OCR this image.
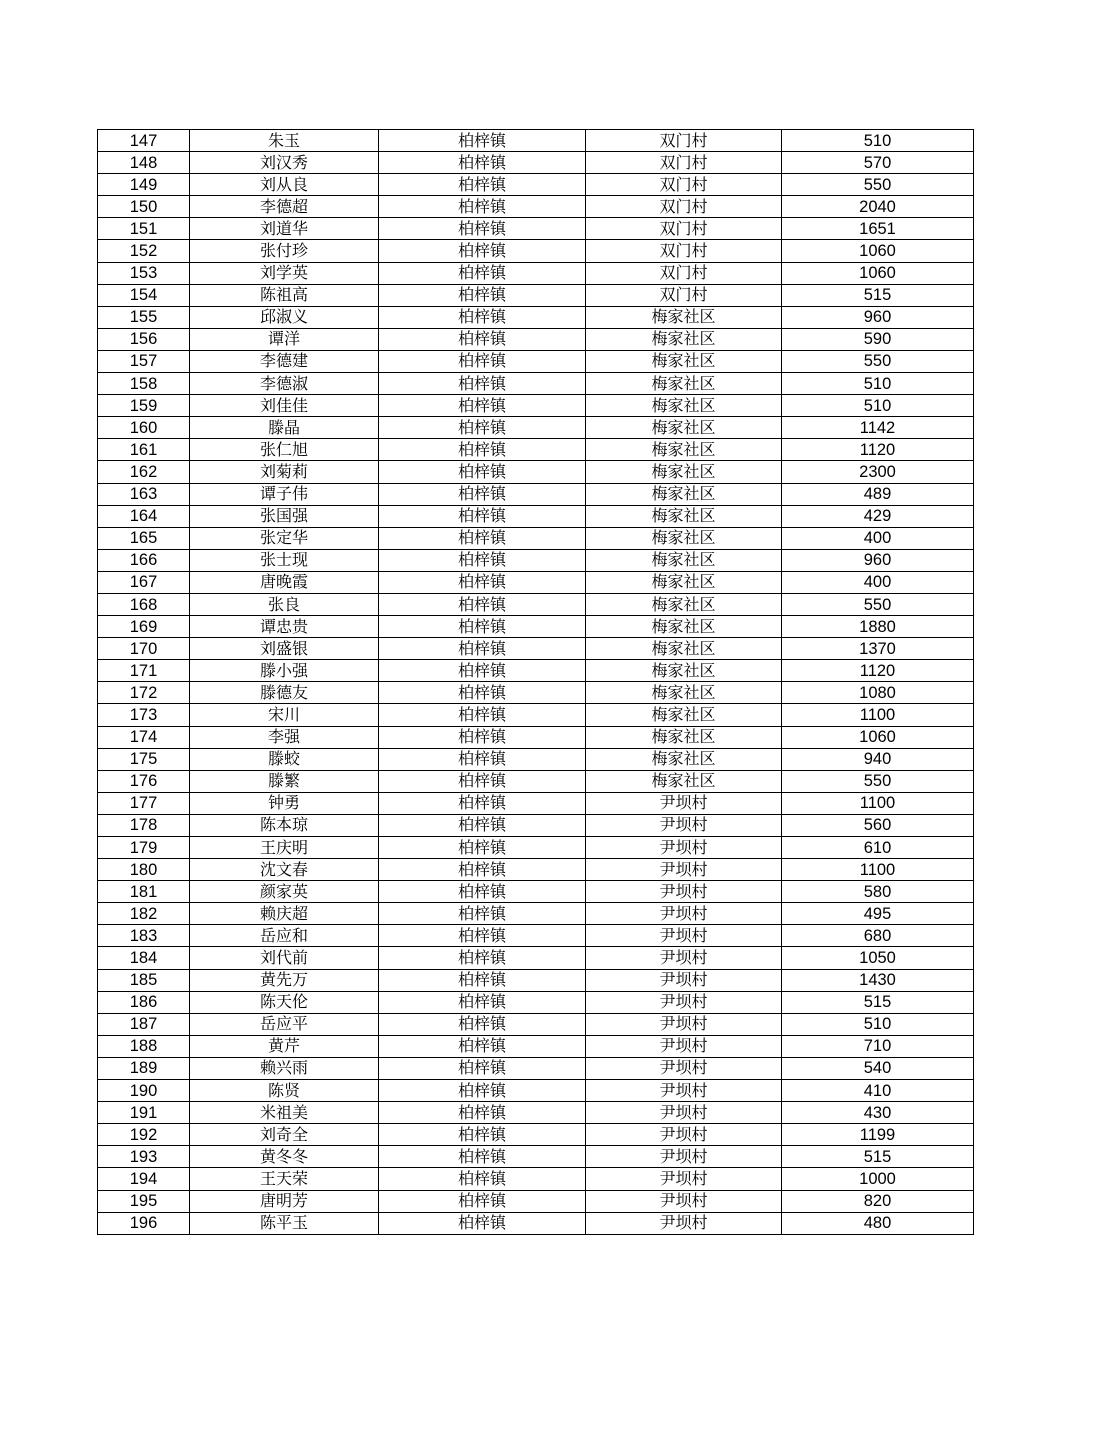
147	朱玉	柏梓镇	双门村	510
148	刘汉秀	柏梓镇	双门村	570
149	刘从良	柏梓镇	双门村	550
150	李德超	柏梓镇	双门村	2040
151	刘道华	柏梓镇	双门村	1651
152	张付珍	柏梓镇	双门村	1060
153	刘学英	柏梓镇	双门村	1060
154	陈祖高	柏梓镇	双门村	515
155	邱淑义	柏梓镇	梅家社区	960
156	谭洋	柏梓镇	梅家社区	590
157	李德建	柏梓镇	梅家社区	550
158	李德淑	柏梓镇	梅家社区	510
159	刘佳佳	柏梓镇	梅家社区	510
160	滕晶	柏梓镇	梅家社区	1142
161	张仁旭	柏梓镇	梅家社区	1120
162	刘菊莉	柏梓镇	梅家社区	2300
163	谭子伟	柏梓镇	梅家社区	489
164	张国强	柏梓镇	梅家社区	429
165	张定华	柏梓镇	梅家社区	400
166	张士现	柏梓镇	梅家社区	960
167	唐晚霞	柏梓镇	梅家社区	400
168	张良	柏梓镇	梅家社区	550
169	谭忠贵	柏梓镇	梅家社区	1880
170	刘盛银	柏梓镇	梅家社区	1370
171	滕小强	柏梓镇	梅家社区	1120
172	滕德友	柏梓镇	梅家社区	1080
173	宋川	柏梓镇	梅家社区	1100
174	李强	柏梓镇	梅家社区	1060
175	滕蛟	柏梓镇	梅家社区	940
176	滕繁	柏梓镇	梅家社区	550
177	钟勇	柏梓镇	尹坝村	1100
178	陈本琼	柏梓镇	尹坝村	560
179	王庆明	柏梓镇	尹坝村	610
180	沈文春	柏梓镇	尹坝村	1100
181	颜家英	柏梓镇	尹坝村	580
182	赖庆超	柏梓镇	尹坝村	495
183	岳应和	柏梓镇	尹坝村	680
184	刘代前	柏梓镇	尹坝村	1050
185	黄先万	柏梓镇	尹坝村	1430
186	陈天伦	柏梓镇	尹坝村	515
187	岳应平	柏梓镇	尹坝村	510
188	黄芹	柏梓镇	尹坝村	710
189	赖兴雨	柏梓镇	尹坝村	540
190	陈贤	柏梓镇	尹坝村	410
191	米祖美	柏梓镇	尹坝村	430
192	刘奇全	柏梓镇	尹坝村	1199
193	黄冬冬	柏梓镇	尹坝村	515
194	王天荣	柏梓镇	尹坝村	1000
195	唐明芳	柏梓镇	尹坝村	820
196	陈平玉	柏梓镇	尹坝村	480
